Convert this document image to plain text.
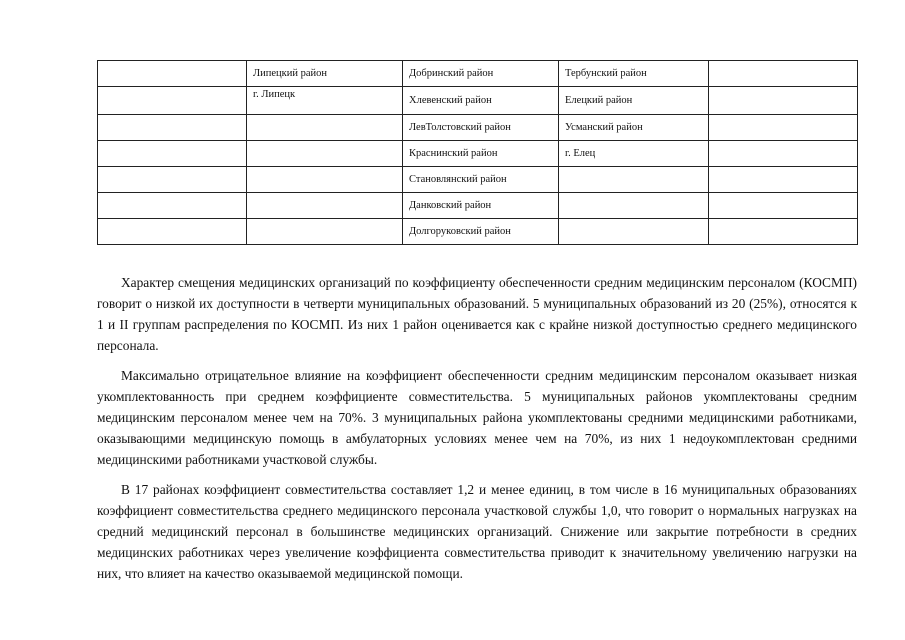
	Липецкий район	Добринский район	Тербунский район	
	г. Липецк	Хлевенский район	Елецкий район	
		ЛевТолстовский район	Усманский район	
		Краснинский район	г. Елец	
		Становлянский район		
		Данковский район		
		Долгоруковский район		

Характер смещения медицинских организаций по коэффициенту обеспеченности средним медицинским персоналом (КОСМП) говорит о низкой их доступности в четверти муниципальных образований. 5 муниципальных образований из 20 (25%), относятся к 1 и II группам распределения по КОСМП. Из них 1 район оценивается как с крайне низкой доступностью среднего медицинского персонала.

Максимально отрицательное влияние на коэффициент обеспеченности средним медицинским персоналом оказывает низкая укомплектованность при среднем коэффициенте совместительства. 5 муниципальных районов укомплектованы средним медицинским персоналом менее чем на 70%. 3 муниципальных района укомплектованы средними медицинскими работниками, оказывающими медицинскую помощь в амбулаторных условиях менее чем на 70%, из них 1 недоукомплектован средними медицинскими работниками участковой службы.

В 17 районах коэффициент совместительства составляет 1,2 и менее единиц, в том числе в 16 муниципальных образованиях коэффициент совместительства среднего медицинского персонала участковой службы 1,0, что говорит о нормальных нагрузках на средний медицинский персонал в большинстве медицинских организаций. Снижение или закрытие потребности в средних медицинских работниках через увеличение коэффициента совместительства приводит к значительному увеличению нагрузки на них, что влияет на качество оказываемой медицинской помощи.
